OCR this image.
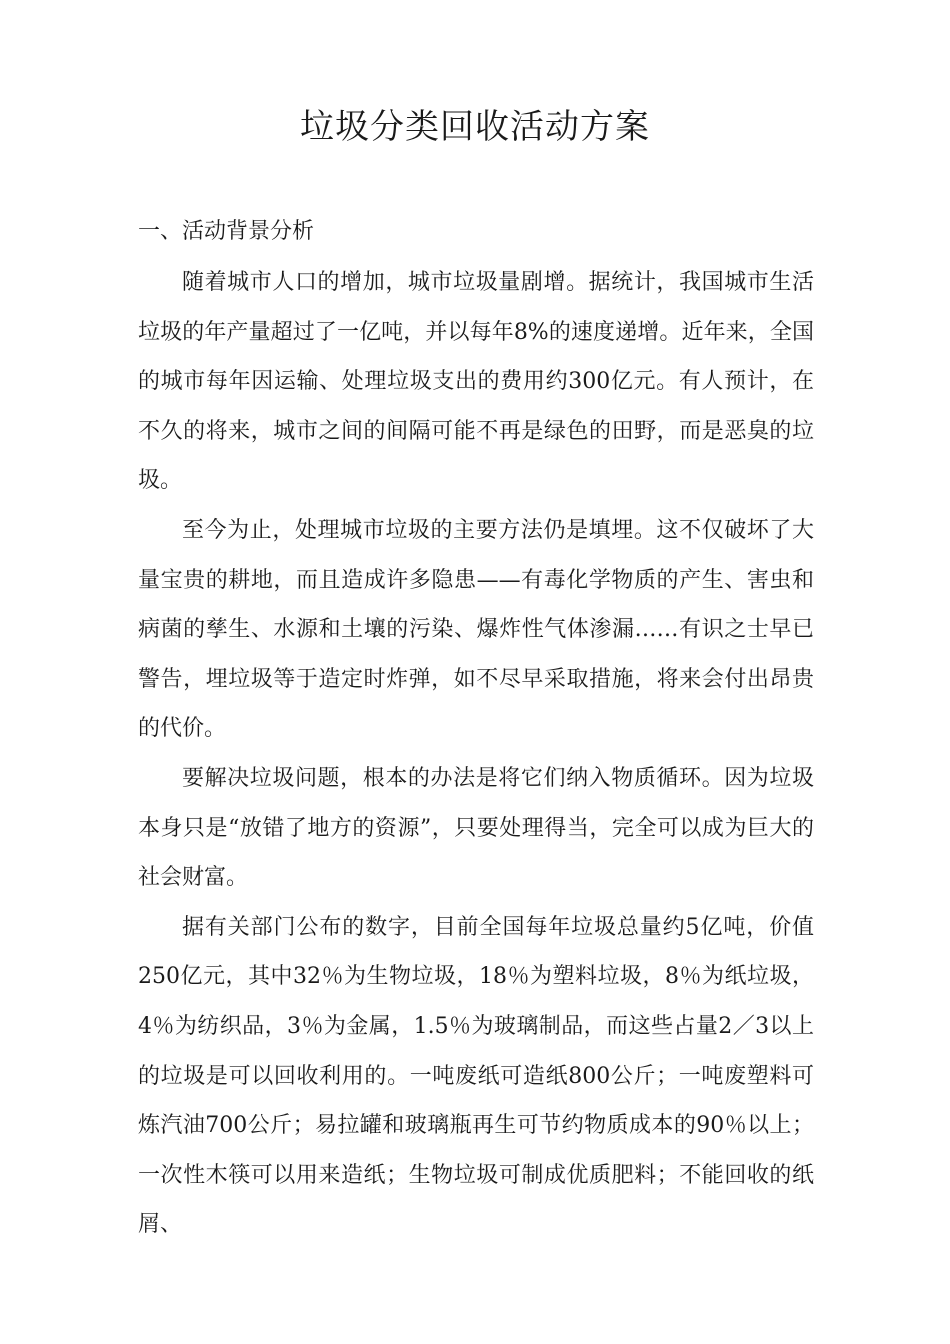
垃圾分类回收活动方案
一、活动背景分析

随着城市人口的增加，城市垃圾量剧增。据统计，我国城市生活垃圾的年产量超过了一亿吨，并以每年8%的速度递增。近年来，全国的城市每年因运输、处理垃圾支出的费用约300亿元。有人预计，在不久的将来，城市之间的间隔可能不再是绿色的田野，而是恶臭的垃圾。

至今为止，处理城市垃圾的主要方法仍是填埋。这不仅破坏了大量宝贵的耕地，而且造成许多隐患——有毒化学物质的产生、害虫和病菌的孳生、水源和土壤的污染、爆炸性气体渗漏……有识之士早已警告，埋垃圾等于造定时炸弹，如不尽早采取措施，将来会付出昂贵的代价。

要解决垃圾问题，根本的办法是将它们纳入物质循环。因为垃圾本身只是“放错了地方的资源”，只要处理得当，完全可以成为巨大的社会财富。

据有关部门公布的数字，目前全国每年垃圾总量约5亿吨，价值250亿元，其中32％为生物垃圾，18％为塑料垃圾，8％为纸垃圾，4％为纺织品，3％为金属，1.5％为玻璃制品，而这些占量2／3以上的垃圾是可以回收利用的。一吨废纸可造纸800公斤；一吨废塑料可炼汽油700公斤；易拉罐和玻璃瓶再生可节约物质成本的90％以上；一次性木筷可以用来造纸；生物垃圾可制成优质肥料；不能回收的纸屑、
